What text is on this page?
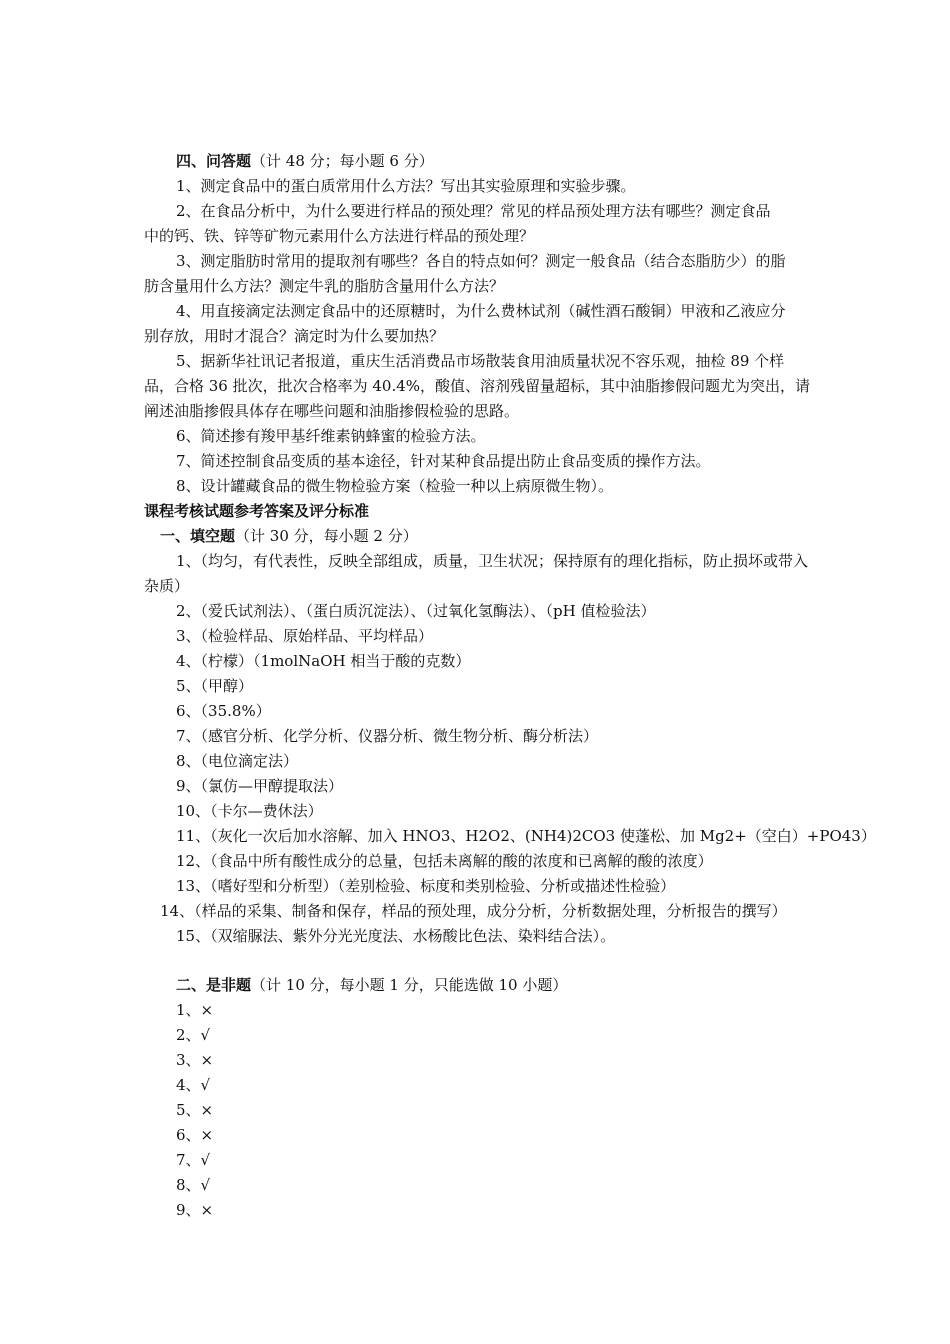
四、问答题（计 48 分；每小题 6 分）
1、测定食品中的蛋白质常用什么方法？写出其实验原理和实验步骤。
2、在食品分析中，为什么要进行样品的预处理？常见的样品预处理方法有哪些？测定食品
中的钙、铁、锌等矿物元素用什么方法进行样品的预处理？
3、测定脂肪时常用的提取剂有哪些？各自的特点如何？测定一般食品（结合态脂肪少）的脂
肪含量用什么方法？测定牛乳的脂肪含量用什么方法？
4、用直接滴定法测定食品中的还原糖时，为什么费林试剂（碱性酒石酸铜）甲液和乙液应分
别存放，用时才混合？滴定时为什么要加热？
5、据新华社讯记者报道，重庆生活消费品市场散装食用油质量状况不容乐观，抽检 89 个样
品，合格 36 批次，批次合格率为 40.4%，酸值、溶剂残留量超标，其中油脂掺假问题尤为突出，请
阐述油脂掺假具体存在哪些问题和油脂掺假检验的思路。
6、简述掺有羧甲基纤维素钠蜂蜜的检验方法。
7、简述控制食品变质的基本途径，针对某种食品提出防止食品变质的操作方法。
8、设计罐藏食品的微生物检验方案（检验一种以上病原微生物）。
课程考核试题参考答案及评分标准
一、填空题（计 30 分，每小题 2 分）
1、（均匀，有代表性，反映全部组成，质量，卫生状况；保持原有的理化指标，防止损坏或带入
杂质）
2、（爱氏试剂法）、（蛋白质沉淀法）、（过氧化氢酶法）、（pH 值检验法）
3、（检验样品、原始样品、平均样品）
4、（柠檬）（1molNaOH 相当于酸的克数）
5、（甲醇）
6、（35.8%）
7、（感官分析、化学分析、仪器分析、微生物分析、酶分析法）
8、（电位滴定法）
9、（氯仿—甲醇提取法）
10、（卡尔—费休法）
11、（灰化一次后加水溶解、加入 HNO3、H2O2、(NH4)2CO3 使蓬松、加 Mg2+（空白）+PO43）
12、（食品中所有酸性成分的总量，包括未离解的酸的浓度和已离解的酸的浓度）
13、（嗜好型和分析型）（差别检验、标度和类别检验、分析或描述性检验）
14、（样品的采集、制备和保存，样品的预处理，成分分析，分析数据处理，分析报告的撰写）
15、（双缩脲法、紫外分光光度法、水杨酸比色法、染料结合法）。
二、是非题（计 10 分，每小题 1 分，只能选做 10 小题）
1、×
2、√
3、×
4、√
5、×
6、×
7、√
8、√
9、×
